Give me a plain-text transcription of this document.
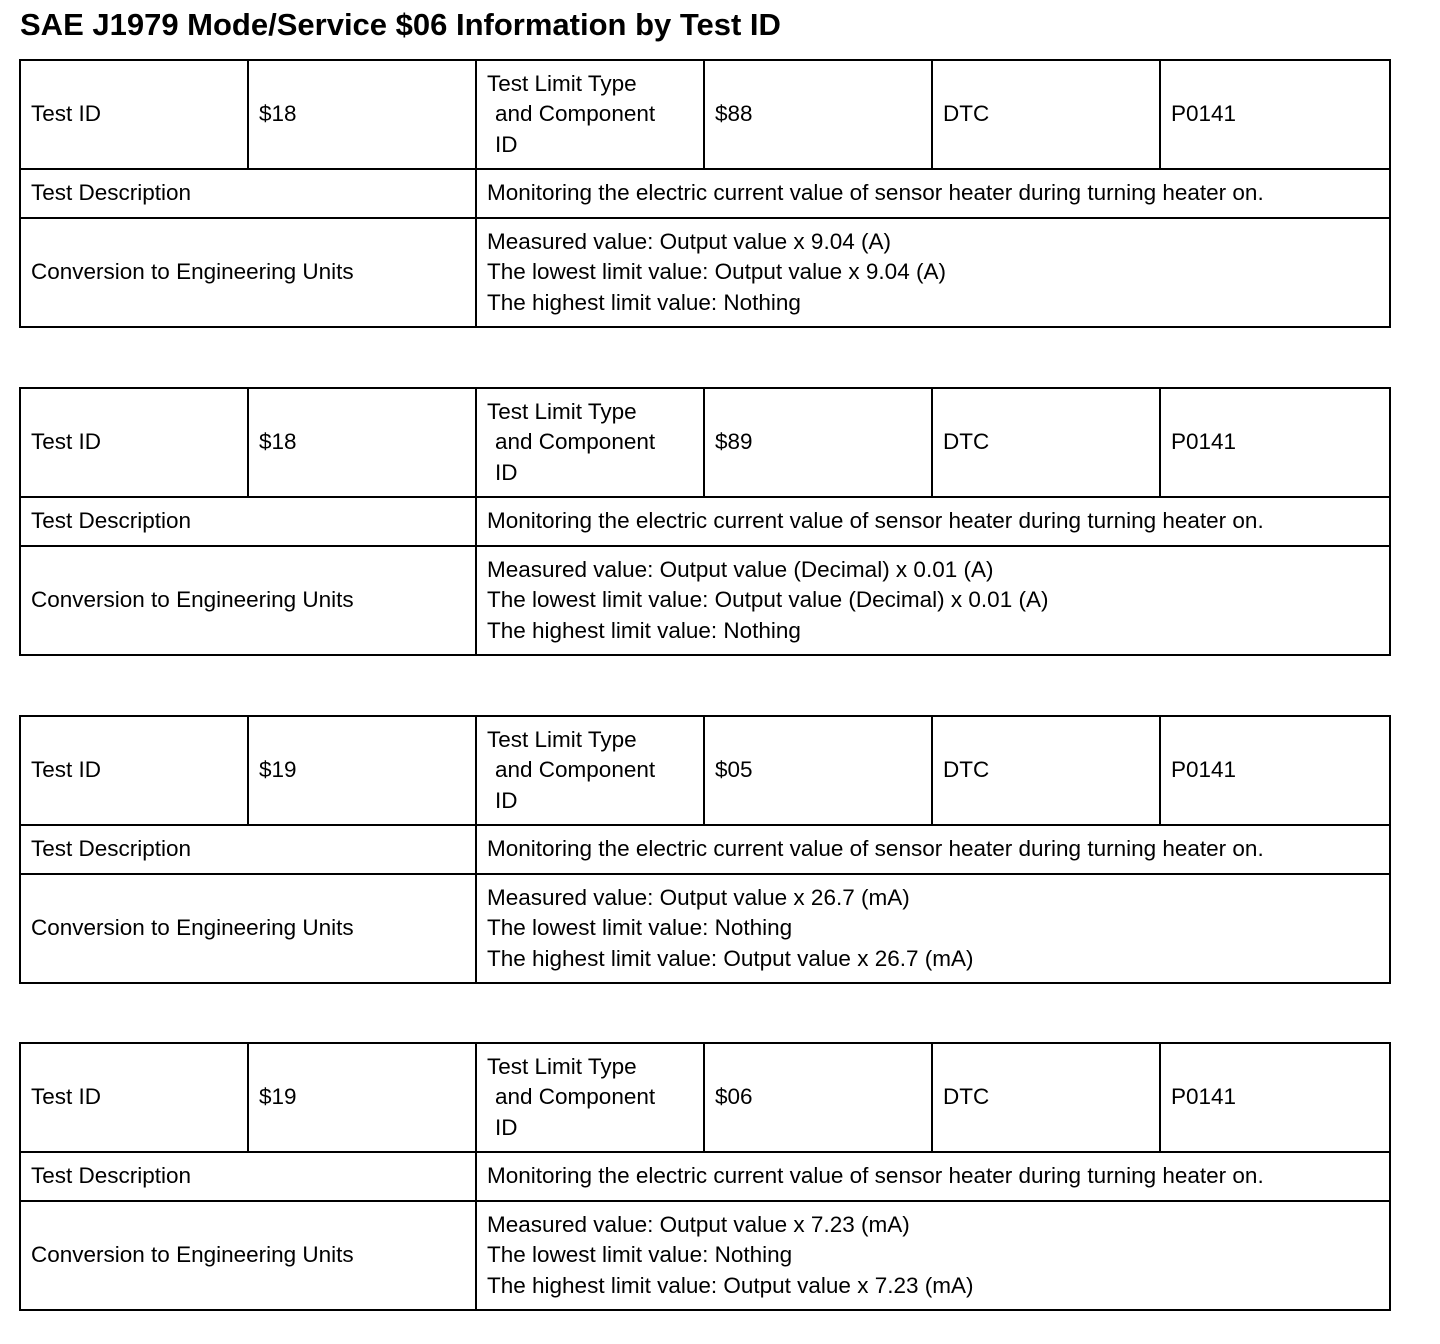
SAE J1979 Mode/Service $06 Information by Test ID
Test ID	$18	Test Limit Type
and Component
ID	$88	DTC	P0141
Test Description		Monitoring the electric current value of sensor heater during turning heater on.			
Conversion to Engineering Units		Measured value: Output value x 9.04 (A)
The lowest limit value: Output value x 9.04 (A)
The highest limit value: Nothing			
Test ID	$18	Test Limit Type
and Component
ID	$89	DTC	P0141
Test Description		Monitoring the electric current value of sensor heater during turning heater on.			
Conversion to Engineering Units		Measured value: Output value (Decimal) x 0.01 (A)
The lowest limit value: Output value (Decimal) x 0.01 (A)
The highest limit value: Nothing			
Test ID	$19	Test Limit Type
and Component
ID	$05	DTC	P0141
Test Description		Monitoring the electric current value of sensor heater during turning heater on.			
Conversion to Engineering Units		Measured value: Output value x 26.7 (mA)
The lowest limit value: Nothing
The highest limit value: Output value x 26.7 (mA)			
Test ID	$19	Test Limit Type
and Component
ID	$06	DTC	P0141
Test Description		Monitoring the electric current value of sensor heater during turning heater on.			
Conversion to Engineering Units		Measured value: Output value x 7.23 (mA)
The lowest limit value: Nothing
The highest limit value: Output value x 7.23 (mA)			
